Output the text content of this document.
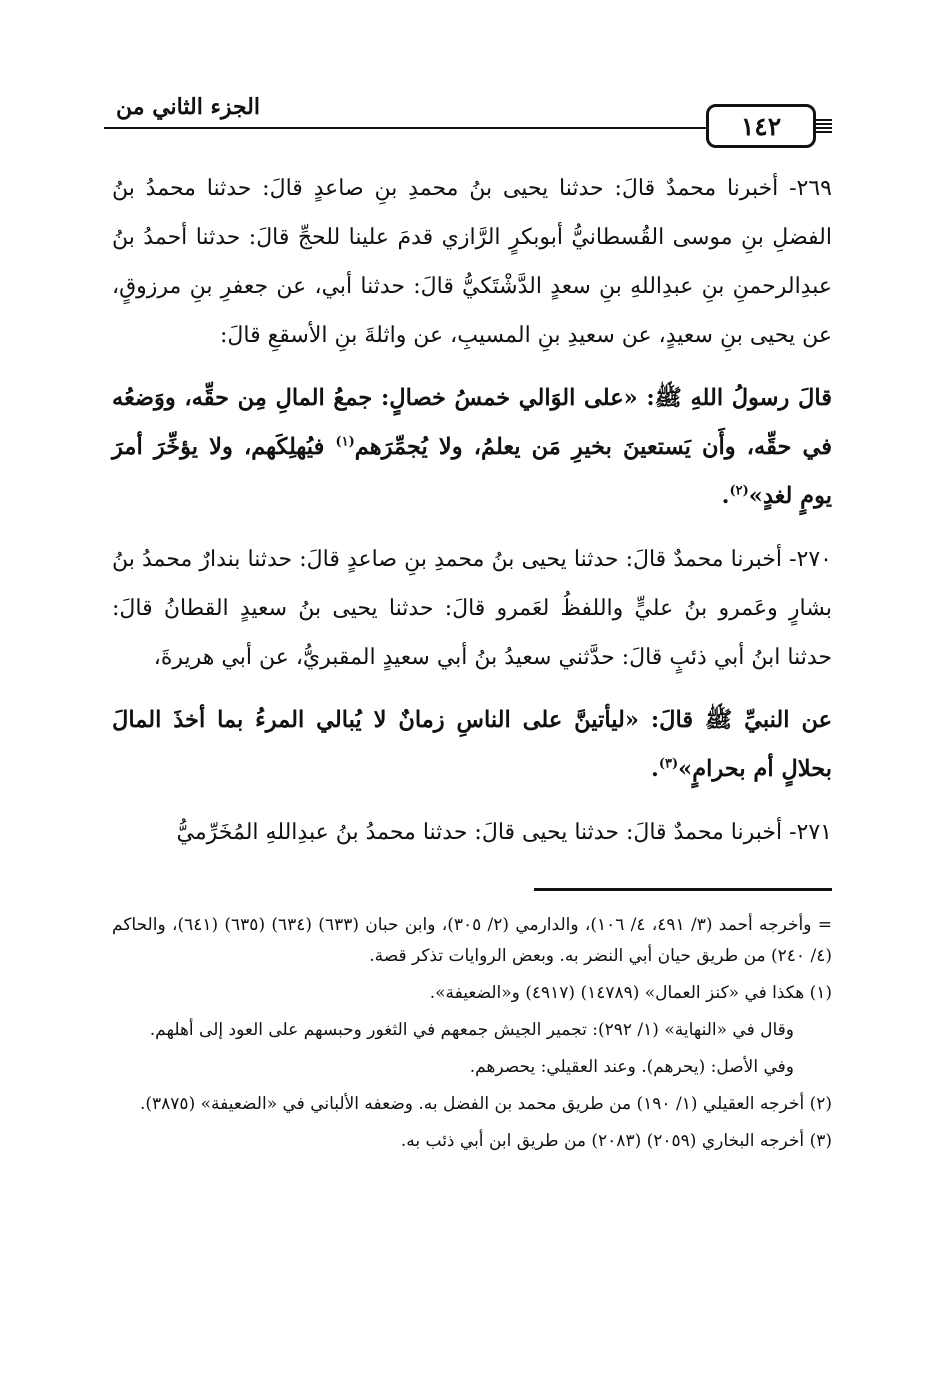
الجزء الثاني من
١٤٢

٢٦٩- أخبرنا محمدٌ قالَ: حدثنا يحيى بنُ محمدِ بنِ صاعدٍ قالَ: حدثنا محمدُ بنُ الفضلِ بنِ موسى القُسطانيُّ أبوبكرٍ الرَّازي قدمَ علينا للحجِّ قالَ: حدثنا أحمدُ بنُ عبدِالرحمنِ بنِ عبدِاللهِ بنِ سعدٍ الدَّشْتَكيُّ قالَ: حدثنا أبي، عن جعفرِ بنِ مرزوقٍ، عن يحيى بنِ سعيدٍ، عن سعيدِ بنِ المسيبِ، عن واثلةَ بنِ الأسقعِ قالَ:

قالَ رسولُ اللهِ ﷺ: «على الوَالي خمسُ خصالٍ: جمعُ المالِ مِن حقِّه، ووَضعُه في حقِّه، وأَن يَستعينَ بخيرِ مَن يعلمُ، ولا يُجمِّرَهم$^{(١)}$ فيُهلِكَهم، ولا يؤخِّرَ أمرَ يومٍ لغدٍ»$^{(٢)}$.

٢٧٠- أخبرنا محمدٌ قالَ: حدثنا يحيى بنُ محمدِ بنِ صاعدٍ قالَ: حدثنا بندارٌ محمدُ بنُ بشارٍ وعَمرو بنُ عليٍّ واللفظُ لعَمرو قالَ: حدثنا يحيى بنُ سعيدٍ القطانُ قالَ: حدثنا ابنُ أبي ذئبٍ قالَ: حدَّثني سعيدُ بنُ أبي سعيدٍ المقبريُّ، عن أبي هريرةَ،

عن النبيِّ ﷺ قالَ: «ليأتينَّ على الناسِ زمانٌ لا يُبالي المرءُ بما أخذَ المالَ بحلالٍ أم بحرامٍ»$^{(٣)}$.

٢٧١- أخبرنا محمدٌ قالَ: حدثنا يحيى قالَ: حدثنا محمدُ بنُ عبدِاللهِ المُخَرِّميُّ

= وأخرجه أحمد (٣/ ٤٩١، ٤/ ١٠٦)، والدارمي (٢/ ٣٠٥)، وابن حبان (٦٣٣) (٦٣٤) (٦٣٥) (٦٤١)، والحاكم (٤/ ٢٤٠) من طريق حيان أبي النضر به. وبعض الروايات تذكر قصة.

(١) هكذا في «كنز العمال» (١٤٧٨٩) (٤٩١٧) و«الضعيفة».

وقال في «النهاية» (١/ ٢٩٢): تجمير الجيش جمعهم في الثغور وحبسهم على العود إلى أهلهم.

وفي الأصل: (يحرهم). وعند العقيلي: يحصرهم.

(٢) أخرجه العقيلي (١/ ١٩٠) من طريق محمد بن الفضل به. وضعفه الألباني في «الضعيفة» (٣٨٧٥).

(٣) أخرجه البخاري (٢٠٥٩) (٢٠٨٣) من طريق ابن أبي ذئب به.
